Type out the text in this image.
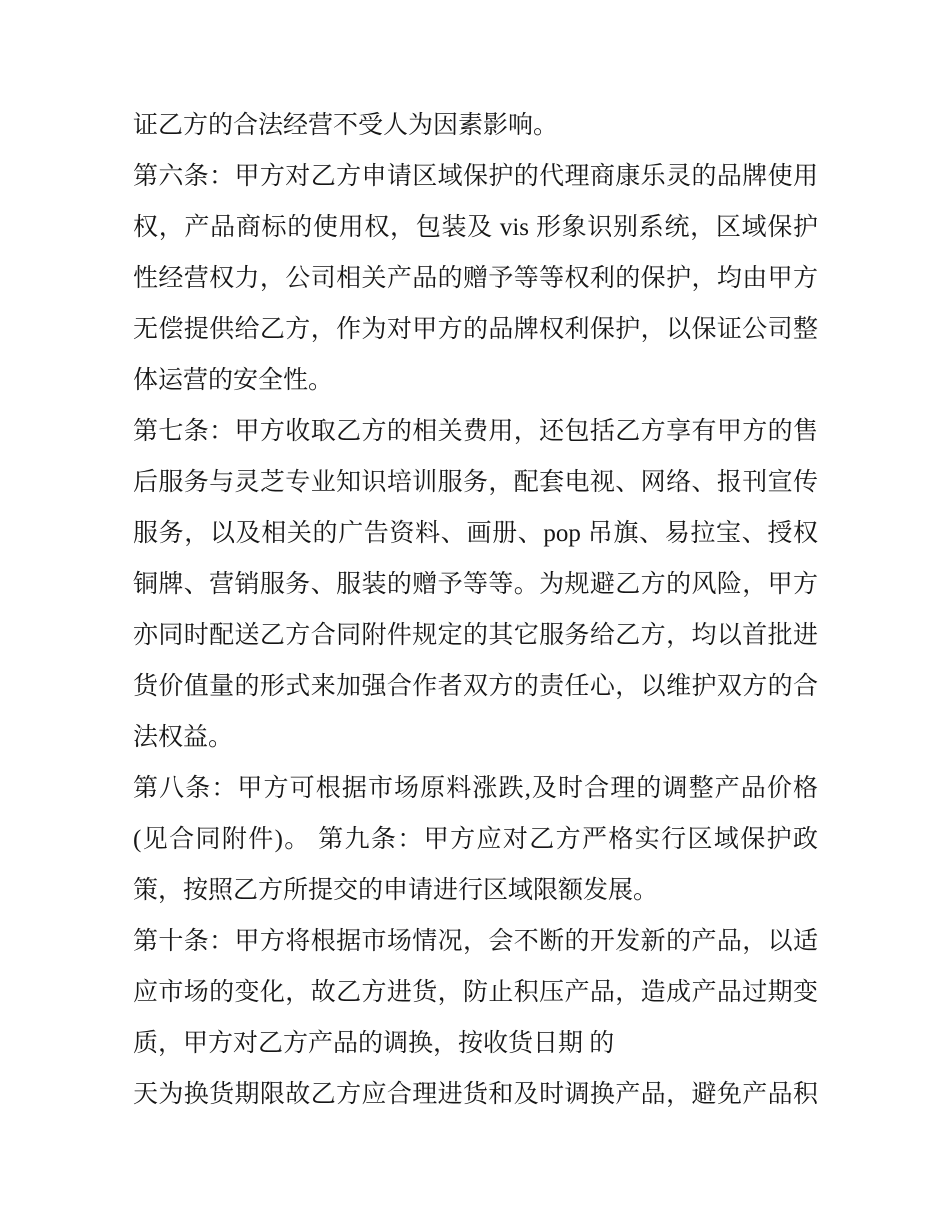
证乙方的合法经营不受人为因素影响。
第六条：甲方对乙方申请区域保护的代理商康乐灵的品牌使用
权，产品商标的使用权，包装及 vis 形象识别系统，区域保护
性经营权力，公司相关产品的赠予等等权利的保护，均由甲方
无偿提供给乙方，作为对甲方的品牌权利保护，以保证公司整
体运营的安全性。
第七条：甲方收取乙方的相关费用，还包括乙方享有甲方的售
后服务与灵芝专业知识培训服务，配套电视、网络、报刊宣传
服务，以及相关的广告资料、画册、pop 吊旗、易拉宝、授权
铜牌、营销服务、服装的赠予等等。为规避乙方的风险，甲方
亦同时配送乙方合同附件规定的其它服务给乙方，均以首批进
货价值量的形式来加强合作者双方的责任心，以维护双方的合
法权益。
第八条：甲方可根据市场原料涨跌,及时合理的调整产品价格
(见合同附件)。 第九条：甲方应对乙方严格实行区域保护政
策，按照乙方所提交的申请进行区域限额发展。
第十条：甲方将根据市场情况，会不断的开发新的产品，以适
应市场的变化，故乙方进货，防止积压产品，造成产品过期变
质，甲方对乙方产品的调换，按收货日期 的
天为换货期限故乙方应合理进货和及时调换产品，避免产品积
